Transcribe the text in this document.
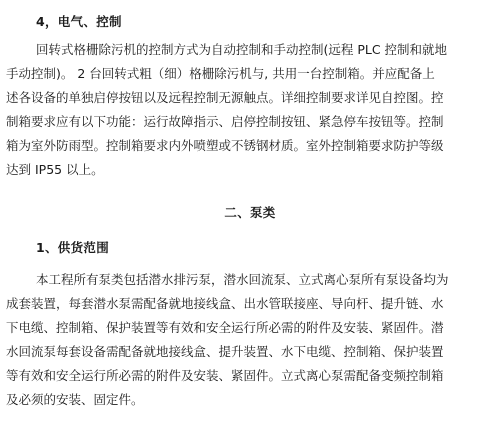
4，电气、控制
回转式格栅除污机的控制方式为自动控制和手动控制(远程 PLC 控制和就地
手动控制)。 2 台回转式粗（细）格栅除污机与, 共用一台控制箱。并应配备上
述各设备的单独启停按钮以及远程控制无源触点。详细控制要求详见自控图。控
制箱要求应有以下功能：运行故障指示、启停控制按钮、紧急停车按钮等。控制
箱为室外防雨型。控制箱要求内外喷塑或不锈钢材质。室外控制箱要求防护等级
达到 IP55 以上。
二、泵类
1、供货范围
本工程所有泵类包括潜水排污泵，潜水回流泵、立式离心泵所有泵设备均为
成套装置，每套潜水泵需配备就地接线盒、出水管联接座、导向杆、提升链、水
下电缆、控制箱、保护装置等有效和安全运行所必需的附件及安装、紧固件。潜
水回流泵每套设备需配备就地接线盒、提升装置、水下电缆、控制箱、保护装置
等有效和安全运行所必需的附件及安装、紧固件。立式离心泵需配备变频控制箱
及必须的安装、固定件。
